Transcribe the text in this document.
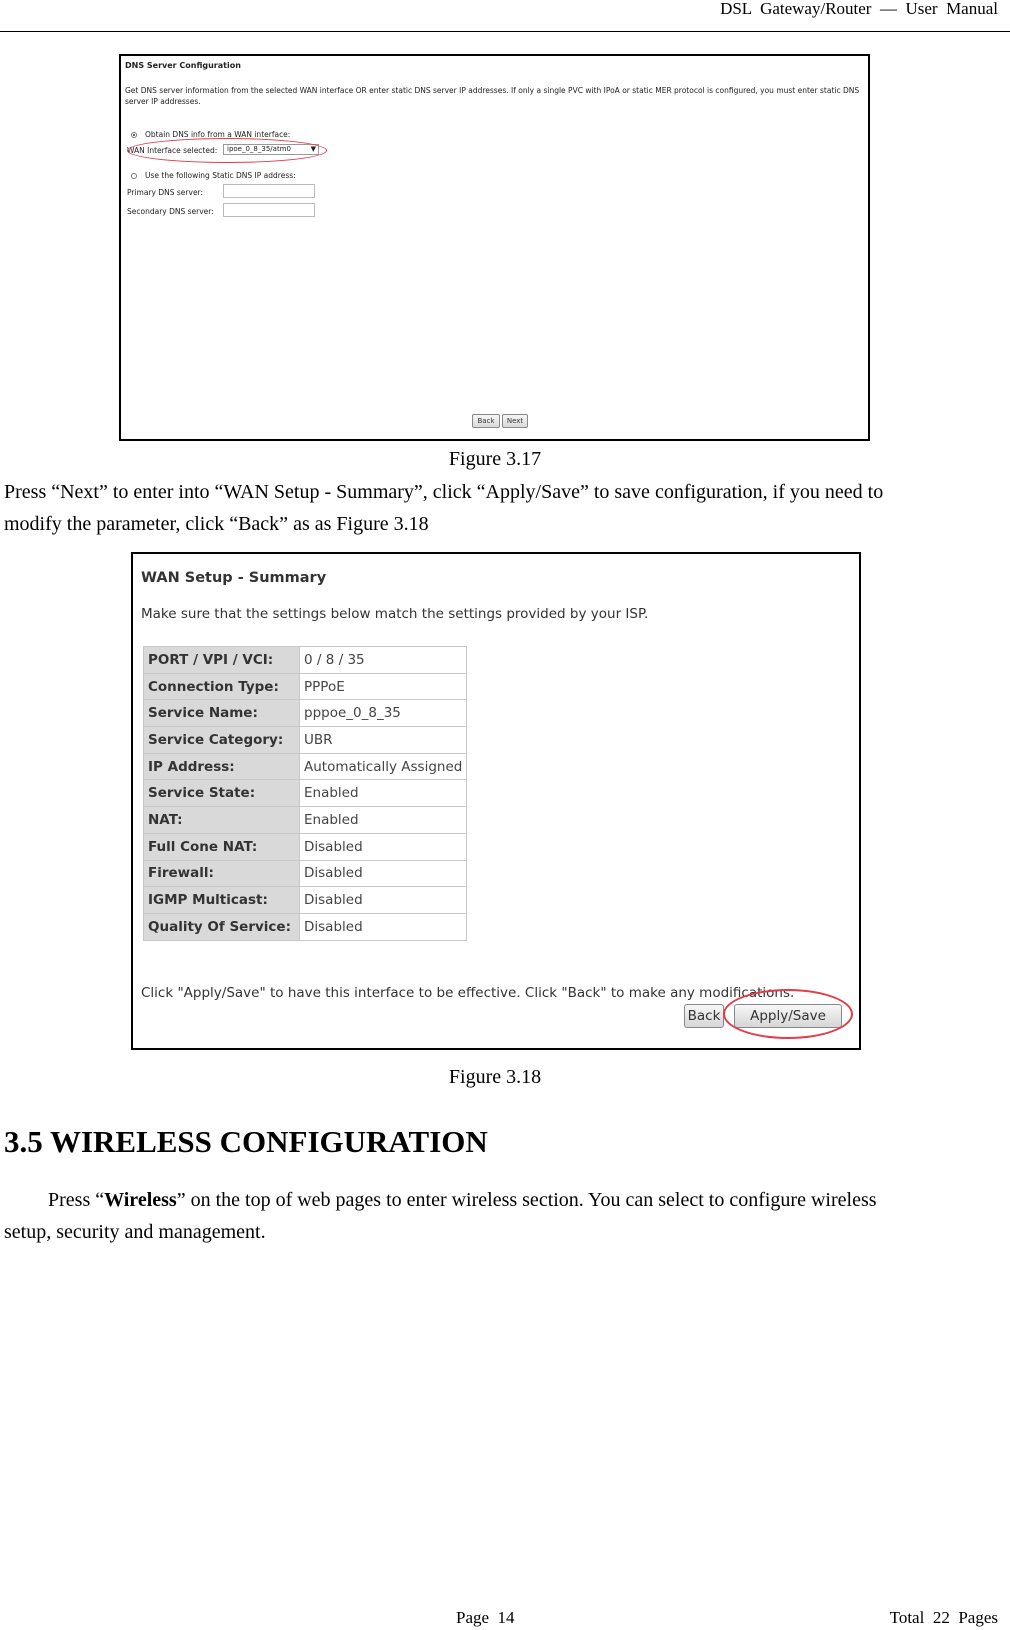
DSL  Gateway/Router  —  User  Manual
DNS Server Configuration
Get DNS server information from the selected WAN interface OR enter static DNS server IP addresses. If only a single PVC with IPoA or static MER protocol is configured, you must enter static DNS server IP addresses.
Obtain DNS info from a WAN interface:
WAN Interface selected:	ipoe_0_8_35/atm0	▼
Use the following Static DNS IP address:
Primary DNS server:
Secondary DNS server:
Back	Next
Figure 3.17
Press “Next” to enter into “WAN Setup - Summary”, click “Apply/Save” to save configuration, if you need to
modify the parameter, click “Back” as as Figure 3.18
WAN Setup - Summary
Make sure that the settings below match the settings provided by your ISP.
PORT / VPI / VCI:	0 / 8 / 35
Connection Type:	PPPoE
Service Name:	pppoe_0_8_35
Service Category:	UBR
IP Address:	Automatically Assigned
Service State:	Enabled
NAT:	Enabled
Full Cone NAT:	Disabled
Firewall:	Disabled
IGMP Multicast:	Disabled
Quality Of Service:	Disabled
Click "Apply/Save" to have this interface to be effective. Click "Back" to make any modifications.
Back	Apply/Save
Figure 3.18
3.5 WIRELESS CONFIGURATION
Press “Wireless” on the top of web pages to enter wireless section. You can select to configure wireless
setup, security and management.
Page  14	Total  22  Pages
